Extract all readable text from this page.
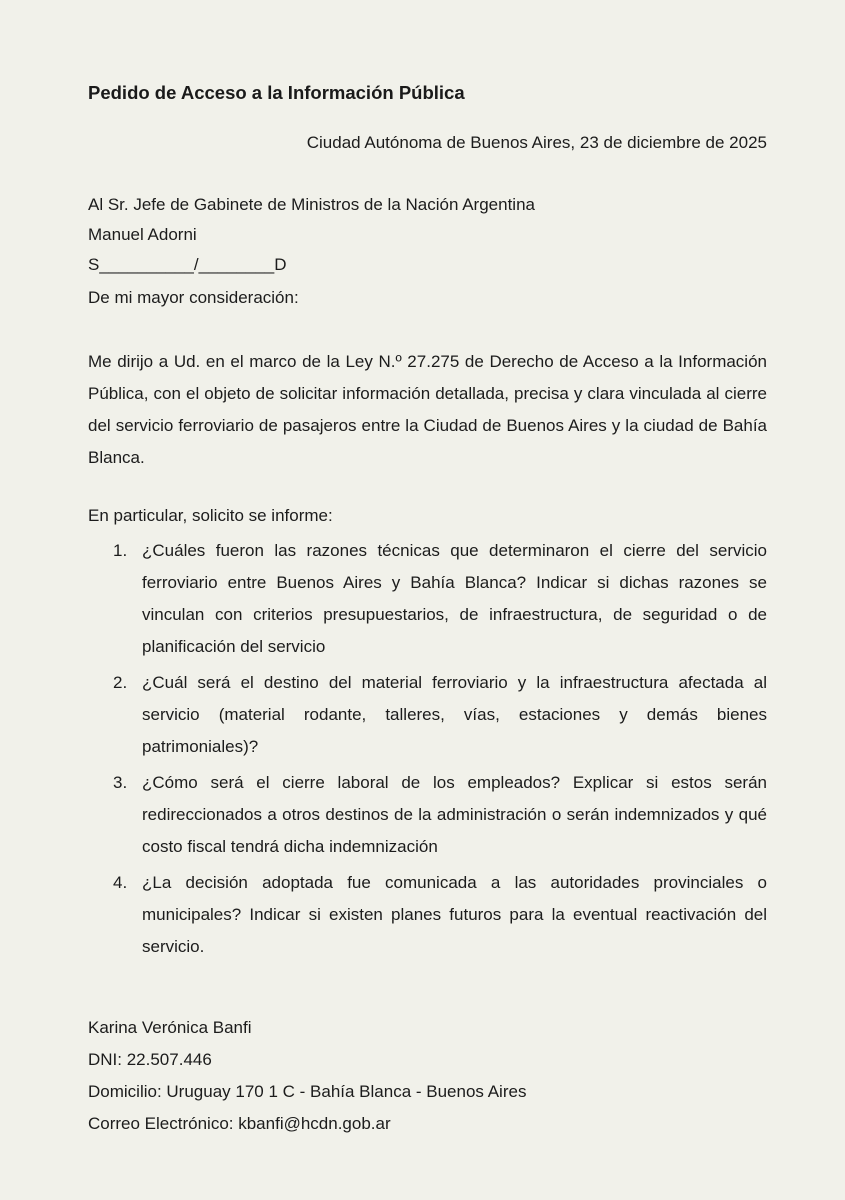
Pedido de Acceso a la Información Pública
Ciudad Autónoma de Buenos Aires, 23 de diciembre de 2025
Al Sr. Jefe de Gabinete de Ministros de la Nación Argentina
Manuel Adorni
S__________/________D
De mi mayor consideración:

Me dirijo a Ud. en el marco de la Ley N.º 27.275 de Derecho de Acceso a la Información Pública, con el objeto de solicitar información detallada, precisa y clara vinculada al cierre del servicio ferroviario de pasajeros entre la Ciudad de Buenos Aires y la ciudad de Bahía Blanca.

En particular, solicito se informe:
1. ¿Cuáles fueron las razones técnicas que determinaron el cierre del servicio ferroviario entre Buenos Aires y Bahía Blanca? Indicar si dichas razones se vinculan con criterios presupuestarios, de infraestructura, de seguridad o de planificación del servicio
2. ¿Cuál será el destino del material ferroviario y la infraestructura afectada al servicio (material rodante, talleres, vías, estaciones y demás bienes patrimoniales)?
3. ¿Cómo será el cierre laboral de los empleados? Explicar si estos serán redireccionados a otros destinos de la administración o serán indemnizados y qué costo fiscal tendrá dicha indemnización
4. ¿La decisión adoptada fue comunicada a las autoridades provinciales o municipales? Indicar si existen planes futuros para la eventual reactivación del servicio.
Karina Verónica Banfi
DNI: 22.507.446
Domicilio: Uruguay 170 1 C - Bahía Blanca - Buenos Aires
Correo Electrónico: kbanfi@hcdn.gob.ar
